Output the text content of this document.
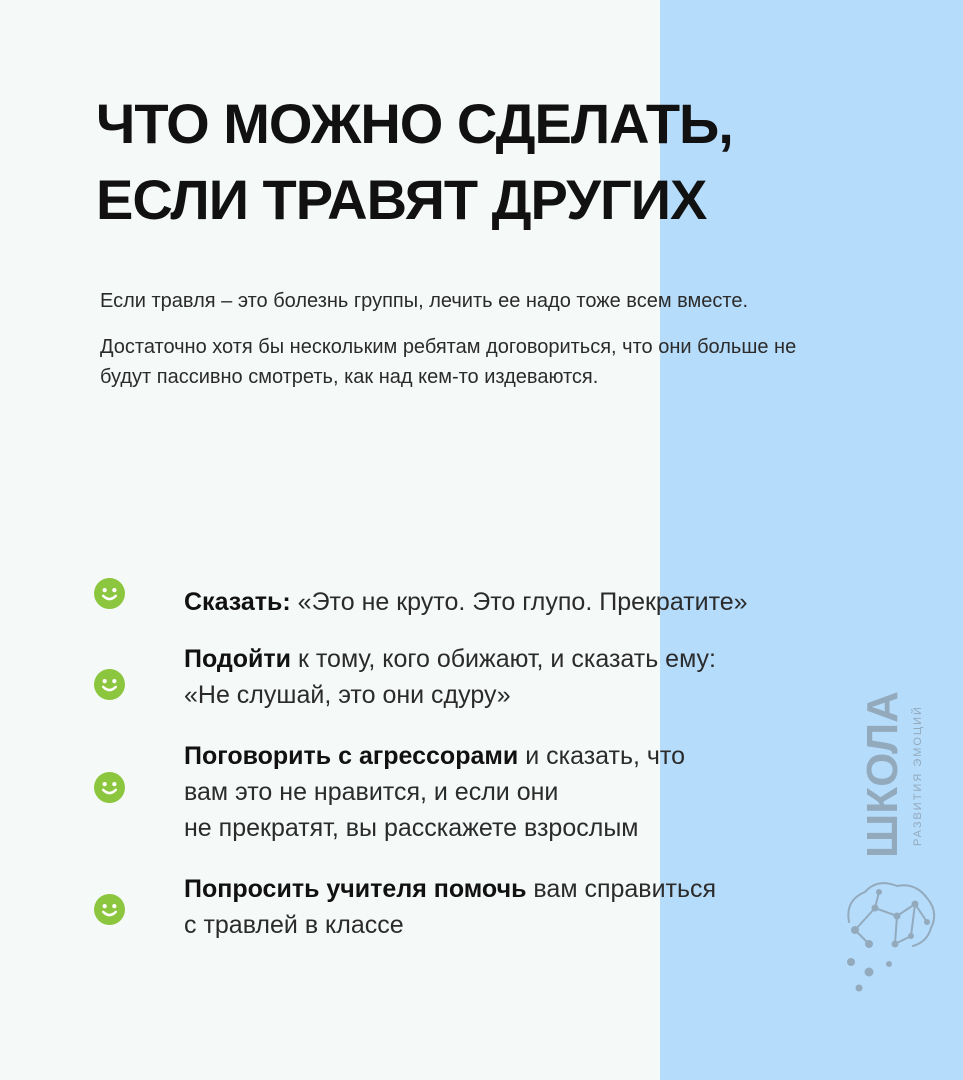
ЧТО МОЖНО СДЕЛАТЬ,
ЕСЛИ ТРАВЯТ ДРУГИХ

Если травля – это болезнь группы, лечить ее надо тоже всем вместе.

Достаточно хотя бы нескольким ребятам договориться, что они больше не будут пассивно смотреть, как над кем-то издеваются.

Сказать: «Это не круто. Это глупо. Прекратите»
Подойти к тому, кого обижают, и сказать ему:
«Не слушай, это они сдуру»
Поговорить с агрессорами и сказать, что
вам это не нравится, и если они
не прекратят, вы расскажете взрослым
Попросить учителя помочь вам справиться
с травлей в классе
ШКОЛА РАЗВИТИЯ ЭМОЦИЙ
